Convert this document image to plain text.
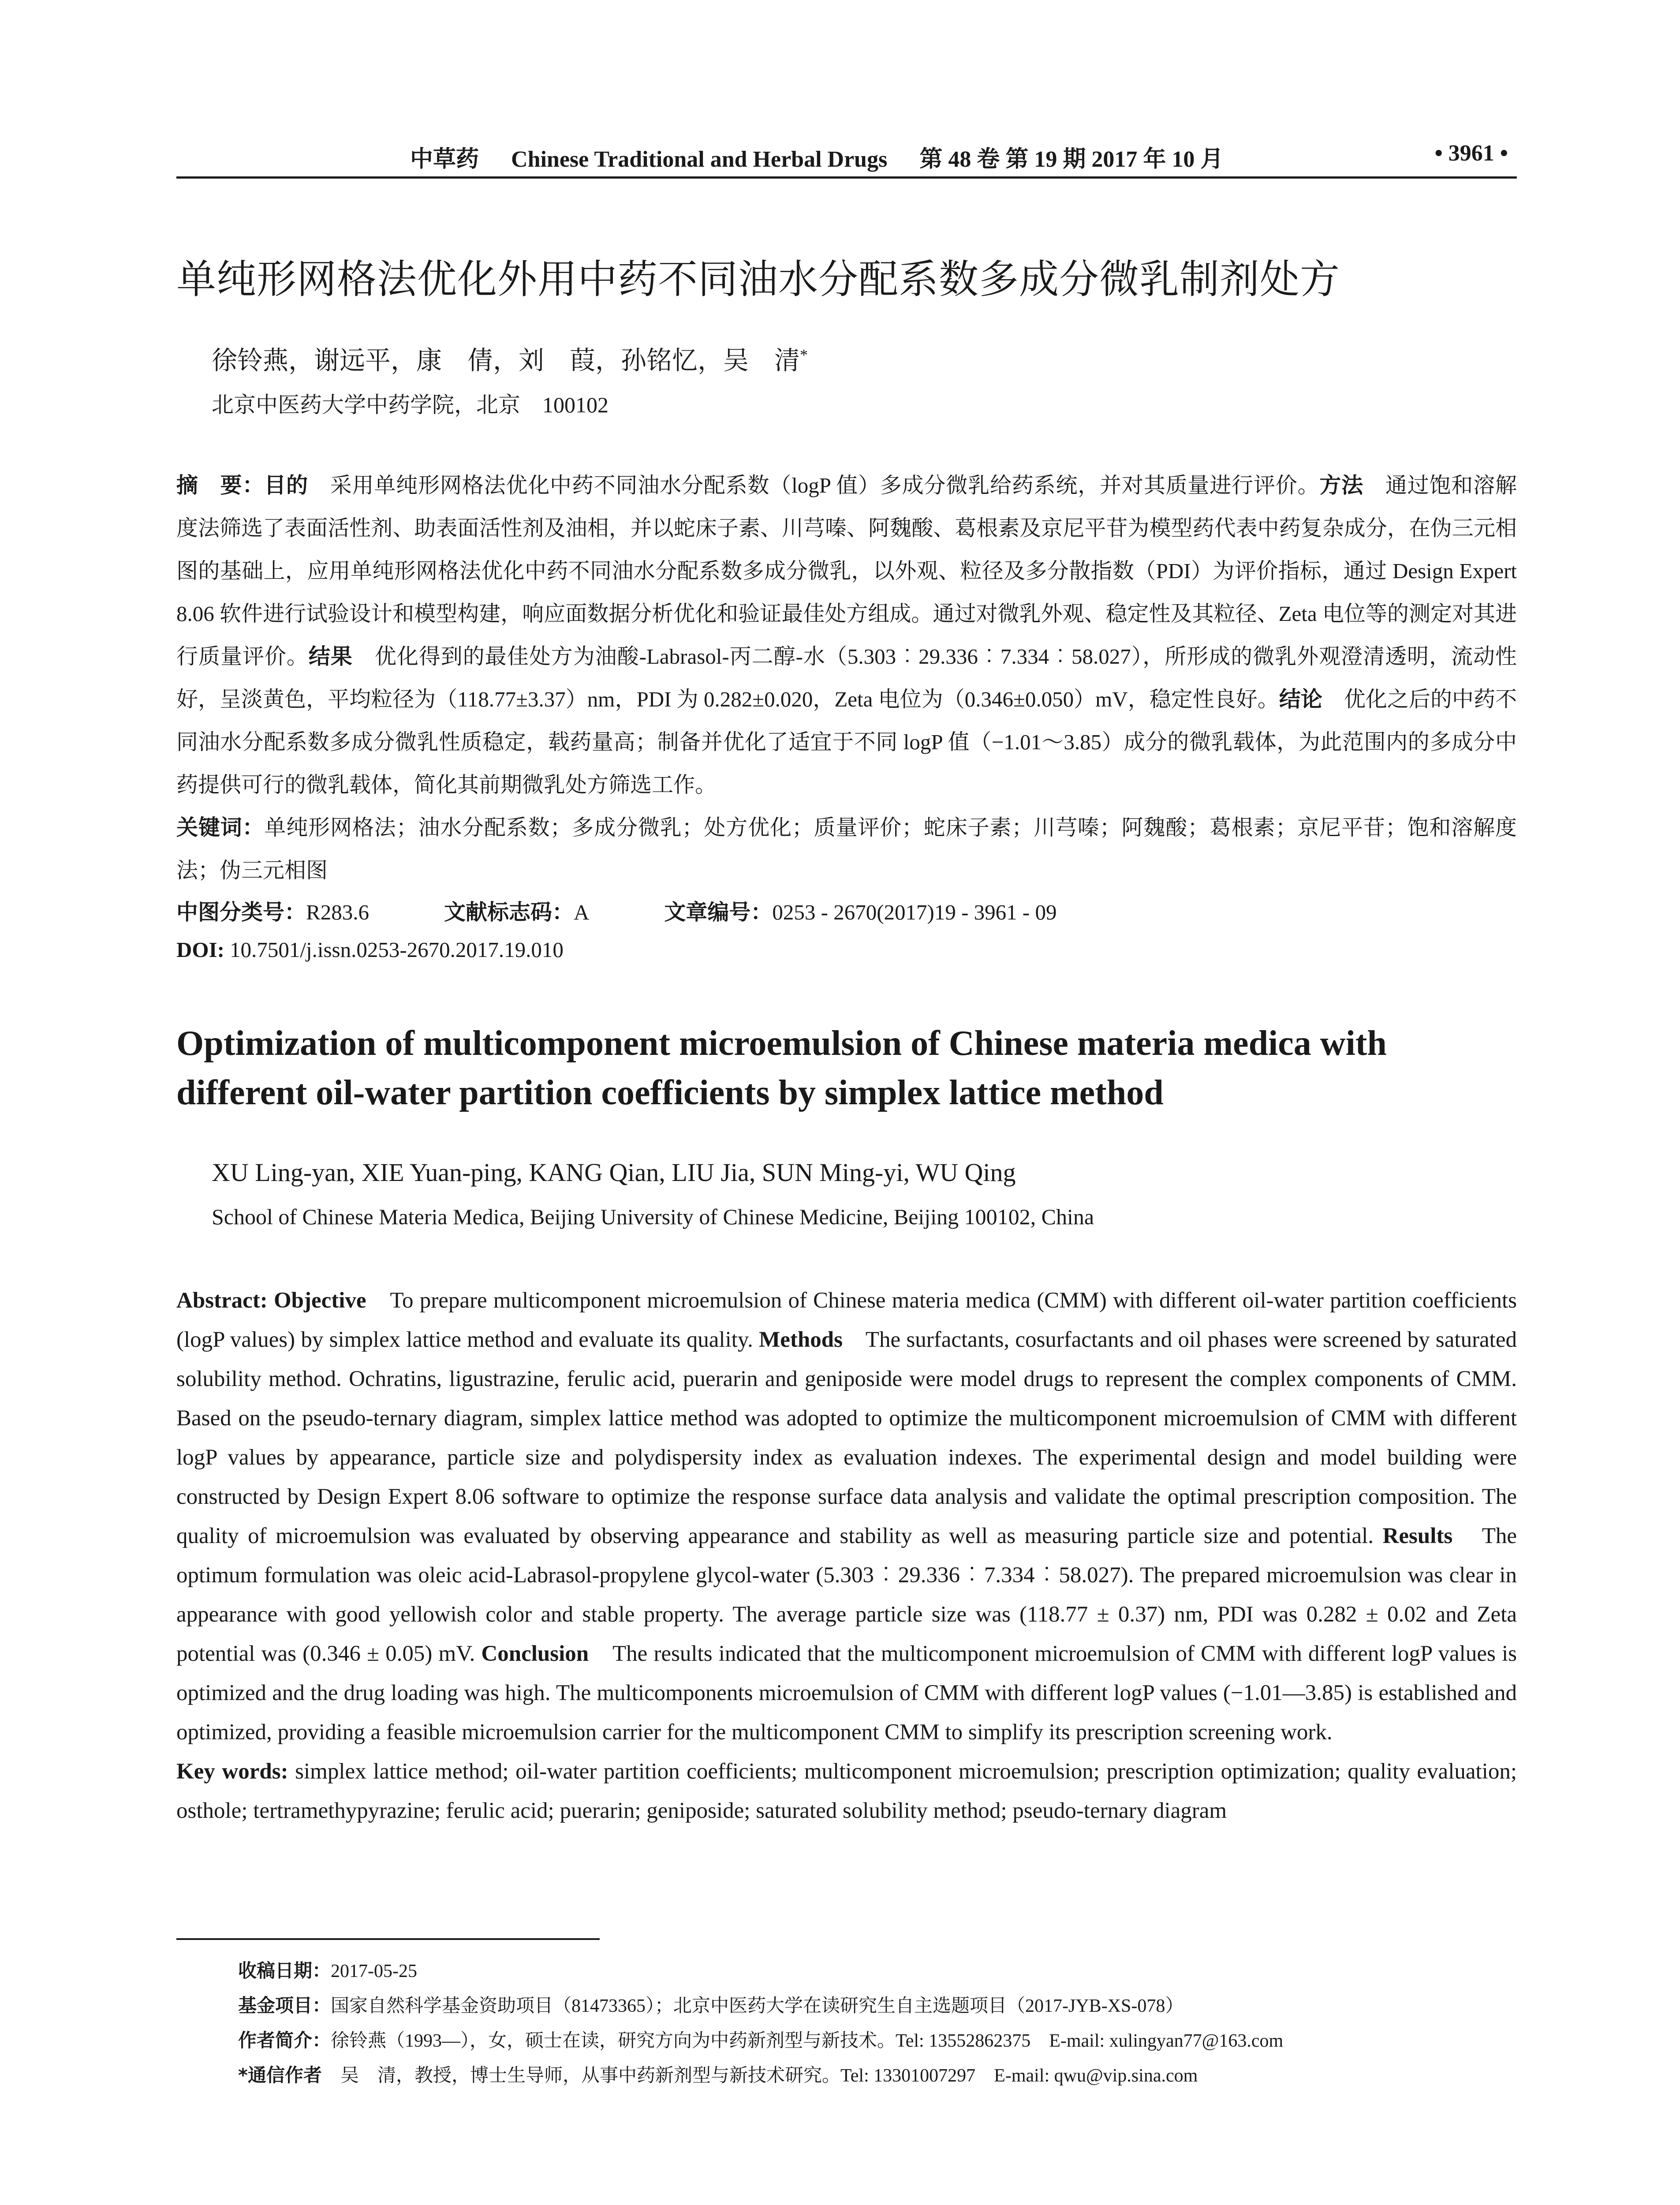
中草药 Chinese Traditional and Herbal Drugs 第 48 卷 第 19 期 2017 年 10 月	• 3961 •
单纯形网格法优化外用中药不同油水分配系数多成分微乳制剂处方
徐铃燕，谢远平，康　倩，刘　葭，孙铭忆，吴　清*
北京中医药大学中药学院，北京　100102

摘　要：目的　采用单纯形网格法优化中药不同油水分配系数（logP 值）多成分微乳给药系统，并对其质量进行评价。方法　通过饱和溶解度法筛选了表面活性剂、助表面活性剂及油相，并以蛇床子素、川芎嗪、阿魏酸、葛根素及京尼平苷为模型药代表中药复杂成分，在伪三元相图的基础上，应用单纯形网格法优化中药不同油水分配系数多成分微乳，以外观、粒径及多分散指数（PDI）为评价指标，通过 Design Expert 8.06 软件进行试验设计和模型构建，响应面数据分析优化和验证最佳处方组成。通过对微乳外观、稳定性及其粒径、Zeta 电位等的测定对其进行质量评价。结果　优化得到的最佳处方为油酸-Labrasol-丙二醇-水（5.303︰29.336︰7.334︰58.027），所形成的微乳外观澄清透明，流动性好，呈淡黄色，平均粒径为（118.77±3.37）nm，PDI 为 0.282±0.020，Zeta 电位为（0.346±0.050）mV，稳定性良好。结论　优化之后的中药不同油水分配系数多成分微乳性质稳定，载药量高；制备并优化了适宜于不同 logP 值（−1.01～3.85）成分的微乳载体，为此范围内的多成分中药提供可行的微乳载体，简化其前期微乳处方筛选工作。

关键词：单纯形网格法；油水分配系数；多成分微乳；处方优化；质量评价；蛇床子素；川芎嗪；阿魏酸；葛根素；京尼平苷；饱和溶解度法；伪三元相图

中图分类号：R283.6	文献标志码：A	文章编号：0253 - 2670(2017)19 - 3961 - 09
DOI: 10.7501/j.issn.0253-2670.2017.19.010
Optimization of multicomponent microemulsion of Chinese materia medica with different oil-water partition coefficients by simplex lattice method
XU Ling-yan, XIE Yuan-ping, KANG Qian, LIU Jia, SUN Ming-yi, WU Qing
School of Chinese Materia Medica, Beijing University of Chinese Medicine, Beijing 100102, China

Abstract: Objective　To prepare multicomponent microemulsion of Chinese materia medica (CMM) with different oil-water partition coefficients (logP values) by simplex lattice method and evaluate its quality. Methods　The surfactants, cosurfactants and oil phases were screened by saturated solubility method. Ochratins, ligustrazine, ferulic acid, puerarin and geniposide were model drugs to represent the complex components of CMM. Based on the pseudo-ternary diagram, simplex lattice method was adopted to optimize the multicomponent microemulsion of CMM with different logP values by appearance, particle size and polydispersity index as evaluation indexes. The experimental design and model building were constructed by Design Expert 8.06 software to optimize the response surface data analysis and validate the optimal prescription composition. The quality of microemulsion was evaluated by observing appearance and stability as well as measuring particle size and potential. Results　The optimum formulation was oleic acid-Labrasol-propylene glycol-water (5.303︰29.336︰7.334︰58.027). The prepared microemulsion was clear in appearance with good yellowish color and stable property. The average particle size was (118.77 ± 0.37) nm, PDI was 0.282 ± 0.02 and Zeta potential was (0.346 ± 0.05) mV. Conclusion　The results indicated that the multicomponent microemulsion of CMM with different logP values is optimized and the drug loading was high. The multicomponents microemulsion of CMM with different logP values (−1.01—3.85) is established and optimized, providing a feasible microemulsion carrier for the multicomponent CMM to simplify its prescription screening work.

Key words: simplex lattice method; oil-water partition coefficients; multicomponent microemulsion; prescription optimization; quality evaluation; osthole; tertramethypyrazine; ferulic acid; puerarin; geniposide; saturated solubility method; pseudo-ternary diagram

收稿日期：2017-05-25

基金项目：国家自然科学基金资助项目（81473365）；北京中医药大学在读研究生自主选题项目（2017-JYB-XS-078）

作者简介：徐铃燕（1993—），女，硕士在读，研究方向为中药新剂型与新技术。Tel: 13552862375　E-mail: xulingyan77@163.com

*通信作者　吴　清，教授，博士生导师，从事中药新剂型与新技术研究。Tel: 13301007297　E-mail: qwu@vip.sina.com
